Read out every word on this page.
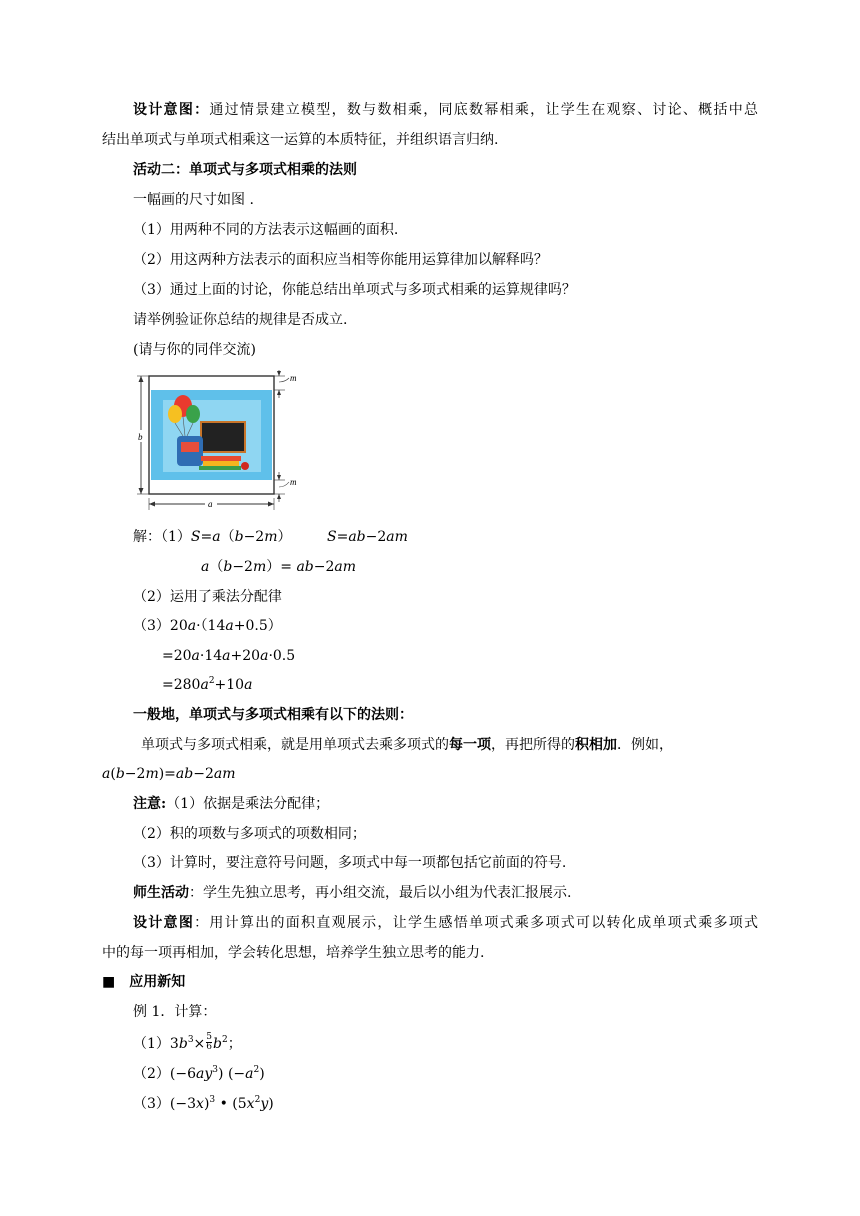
设计意图：通过情景建立模型，数与数相乘，同底数幂相乘，让学生在观察、讨论、概括中总
结出单项式与单项式相乘这一运算的本质特征，并组织语言归纳.
活动二：单项式与多项式相乘的法则
一幅画的尺寸如图 .
（1）用两种不同的方法表示这幅画的面积.
（2）用这两种方法表示的面积应当相等你能用运算律加以解释吗？
（3）通过上面的讨论，你能总结出单项式与多项式相乘的运算规律吗？
请举例验证你总结的规律是否成立.
(请与你的同伴交流)
m
m
b
a
解：（1）S=a（b−2m）	S=ab−2am
a（b−2m）= ab−2am
（2）运用了乘法分配律
（3）20a·（14a+0.5）
=20a·14a+20a·0.5
$=280a^2+10a$
一般地，单项式与多项式相乘有以下的法则：
单项式与多项式相乘，就是用单项式去乘多项式的每一项，再把所得的积相加．例如，
a(b−2m)=ab−2am
注意:（1）依据是乘法分配律；
（2）积的项数与多项式的项数相同；
（3）计算时，要注意符号问题，多项式中每一项都包括它前面的符号.
师生活动：学生先独立思考，再小组交流，最后以小组为代表汇报展示.
设计意图：用计算出的面积直观展示，让学生感悟单项式乘多项式可以转化成单项式乘多项式
中的每一项再相加，学会转化思想，培养学生独立思考的能力.
■ 应用新知
例 1．计算：
$(1)3b^3\times \frac{5}{6} b^2$；
$(2)(-6ay^3)$ $(-a^2)$
$(3)(-3x)^3$ • $(5x^2y)$
